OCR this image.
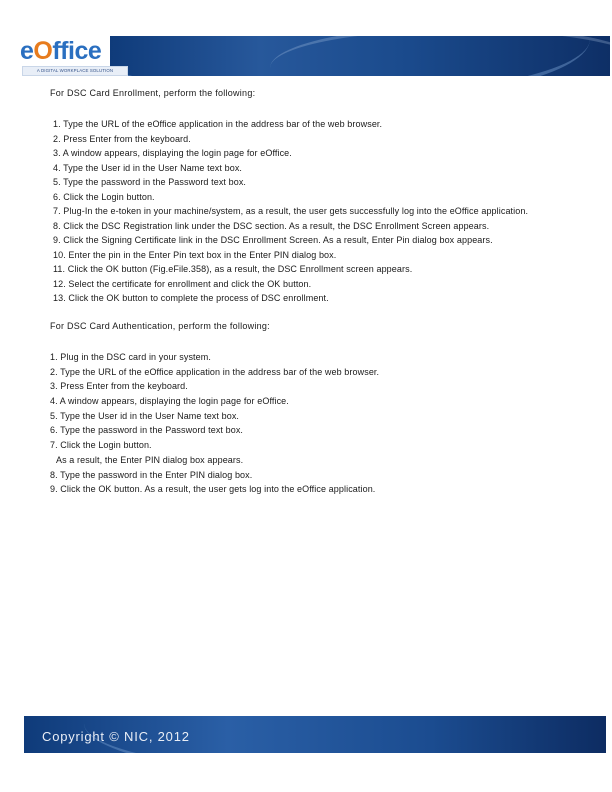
eOffice
A DIGITAL WORKPLACE SOLUTION
For DSC Card Enrollment, perform the following:
1. Type the URL of the eOffice application in the address bar of the web browser.
2. Press Enter from the keyboard.
3. A window appears, displaying the login page for eOffice.
4. Type the User id in the User Name text box.
5. Type the password in the Password text box.
6. Click the Login button.
7. Plug-In the e-token in your machine/system, as a result, the user gets successfully log into the eOffice application.
8. Click the DSC Registration link under the DSC section. As a result, the DSC Enrollment Screen appears.
9. Click the Signing Certificate link in the DSC Enrollment Screen. As a result, Enter Pin dialog box appears.
10. Enter the pin in the Enter Pin text box in the Enter PIN dialog box.
11. Click the OK button (Fig.eFile.358), as a result, the DSC Enrollment screen appears.
12. Select the certificate for enrollment and click the OK button.
13. Click the OK button to complete the process of DSC enrollment.
For DSC Card Authentication, perform the following:
1. Plug in the DSC card in your system.
2. Type the URL of the eOffice application in the address bar of the web browser.
3. Press Enter from the keyboard.
4. A window appears, displaying the login page for eOffice.
5. Type the User id in the User Name text box.
6. Type the password in the Password text box.
7. Click the Login button.
As a result, the Enter PIN dialog box appears.
8. Type the password in the Enter PIN dialog box.
9. Click the OK button. As a result, the user gets log into the eOffice application.
Copyright © NIC, 2012
